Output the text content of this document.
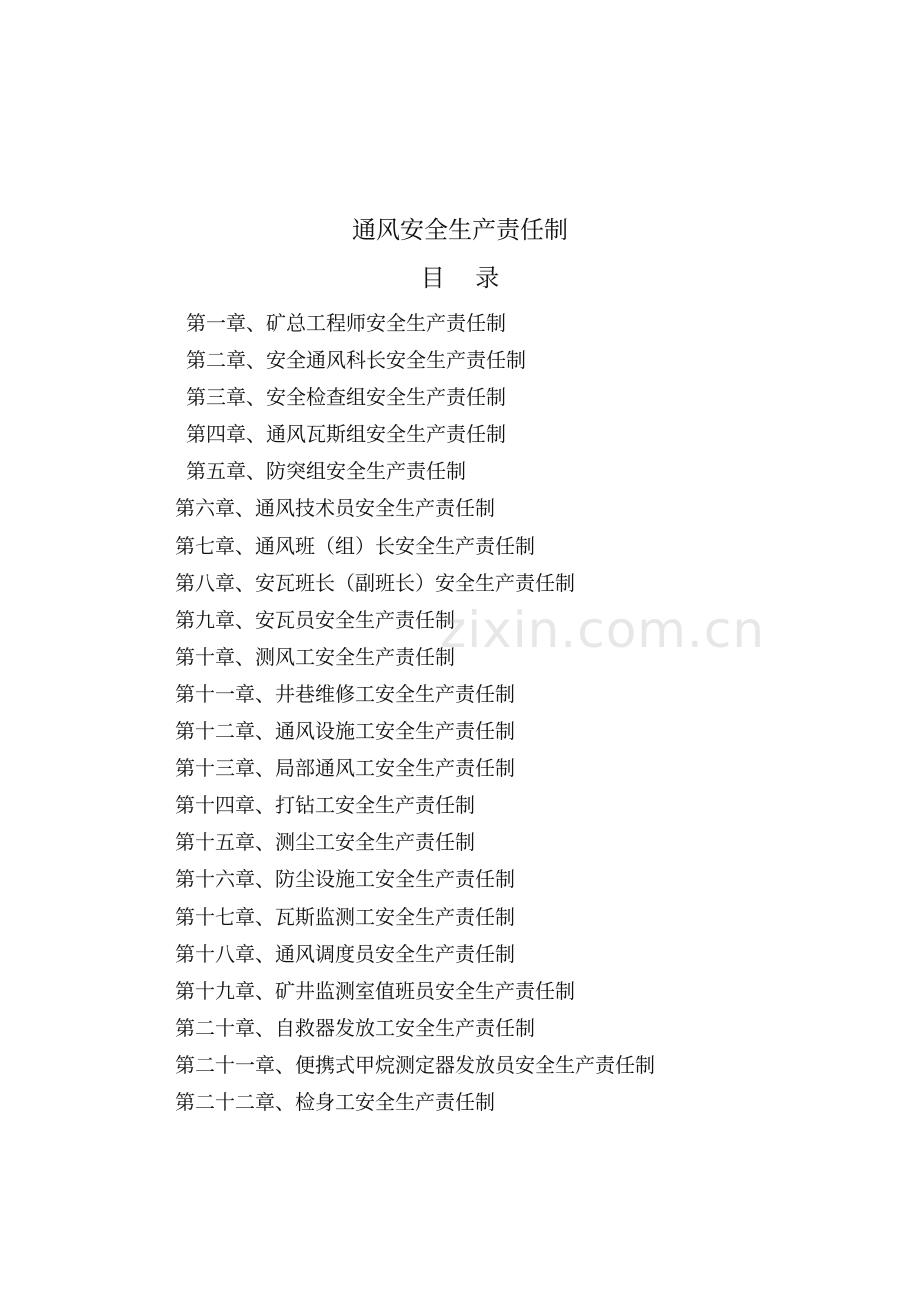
通风安全生产责任制
目    录
第一章、矿总工程师安全生产责任制
第二章、安全通风科长安全生产责任制
第三章、安全检查组安全生产责任制
第四章、通风瓦斯组安全生产责任制
第五章、防突组安全生产责任制
第六章、通风技术员安全生产责任制
第七章、通风班（组）长安全生产责任制
第八章、安瓦班长（副班长）安全生产责任制
第九章、安瓦员安全生产责任制
第十章、测风工安全生产责任制
第十一章、井巷维修工安全生产责任制
第十二章、通风设施工安全生产责任制
第十三章、局部通风工安全生产责任制
第十四章、打钻工安全生产责任制
第十五章、测尘工安全生产责任制
第十六章、防尘设施工安全生产责任制
第十七章、瓦斯监测工安全生产责任制
第十八章、通风调度员安全生产责任制
第十九章、矿井监测室值班员安全生产责任制
第二十章、自救器发放工安全生产责任制
第二十一章、便携式甲烷测定器发放员安全生产责任制
第二十二章、检身工安全生产责任制
zixin.com.cn
